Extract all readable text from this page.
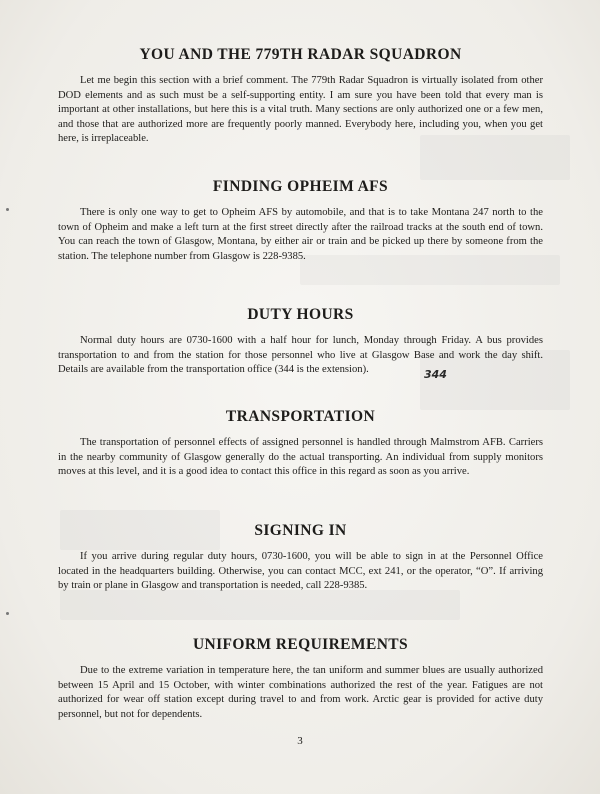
YOU AND THE 779TH RADAR SQUADRON

Let me begin this section with a brief comment. The 779th Radar Squadron is virtually isolated from other DOD elements and as such must be a self-supporting entity. I am sure you have been told that every man is important at other installations, but here this is a vital truth. Many sections are only authorized one or a few men, and those that are authorized more are frequently poorly manned. Everybody here, including you, when you get here, is irreplaceable.

FINDING OPHEIM AFS

There is only one way to get to Opheim AFS by automobile, and that is to take Montana 247 north to the town of Opheim and make a left turn at the first street directly after the railroad tracks at the south end of town. You can reach the town of Glasgow, Montana, by either air or train and be picked up there by someone from the station. The telephone number from Glasgow is 228-9385.

DUTY HOURS

Normal duty hours are 0730-1600 with a half hour for lunch, Monday through Friday. A bus provides transportation to and from the station for those personnel who live at Glasgow Base and work the day shift. Details are available from the transportation office (344 is the extension).	344
TRANSPORTATION

The transportation of personnel effects of assigned personnel is handled through Malmstrom AFB. Carriers in the nearby community of Glasgow generally do the actual transporting. An individual from supply monitors moves at this level, and it is a good idea to contact this office in this regard as soon as you arrive.

SIGNING IN

If you arrive during regular duty hours, 0730-1600, you will be able to sign in at the Personnel Office located in the headquarters building. Otherwise, you can contact MCC, ext 241, or the operator, “O”. If arriving by train or plane in Glasgow and transportation is needed, call 228-9385.

UNIFORM REQUIREMENTS

Due to the extreme variation in temperature here, the tan uniform and summer blues are usually authorized between 15 April and 15 October, with winter combinations authorized the rest of the year. Fatigues are not authorized for wear off station except during travel to and from work. Arctic gear is provided for active duty personnel, but not for dependents.

3
